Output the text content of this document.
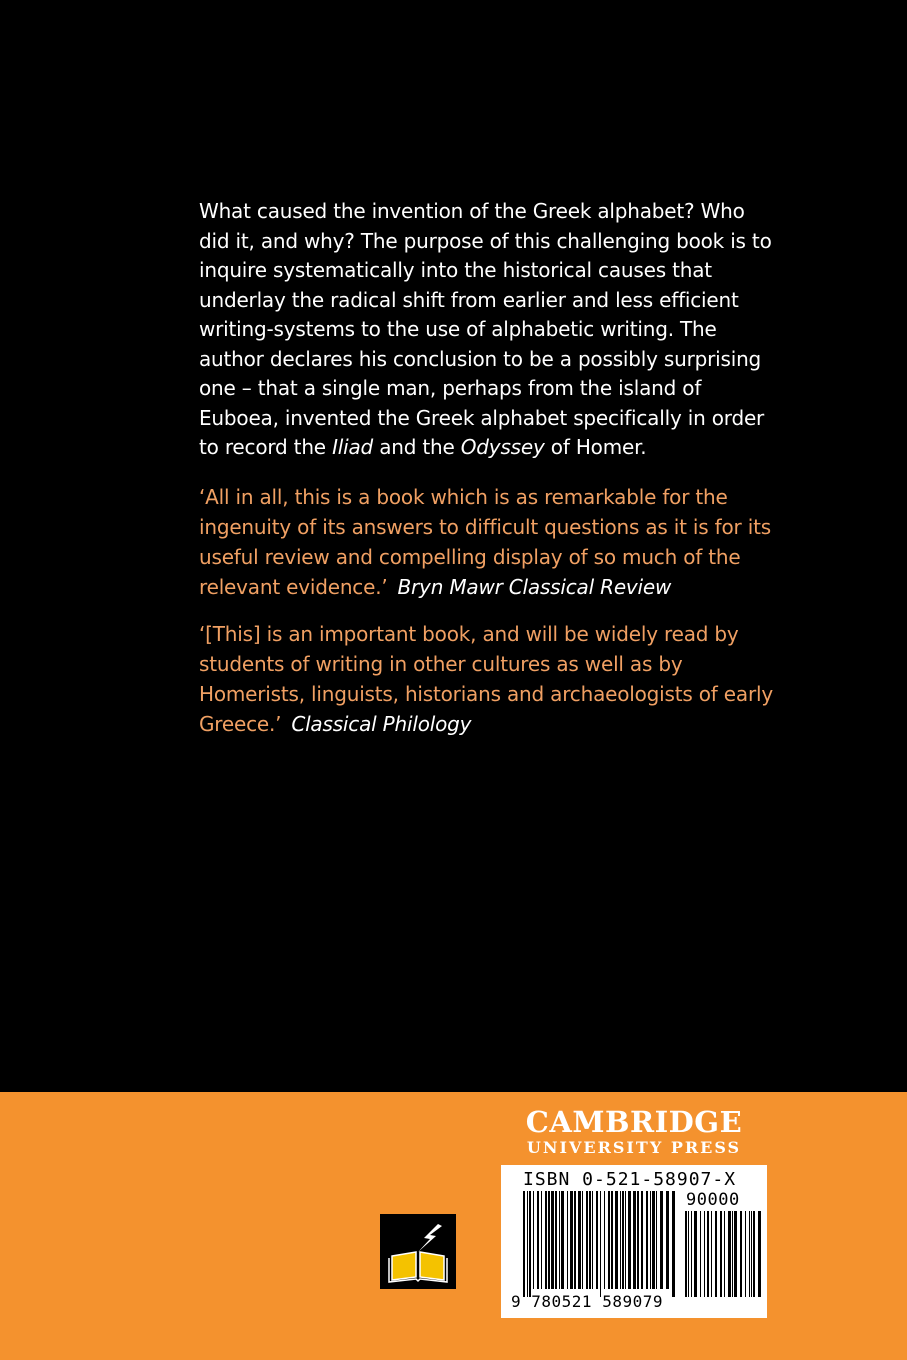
What caused the invention of the Greek alphabet? Who did it, and why? The purpose of this challenging book is to inquire systematically into the historical causes that underlay the radical shift from earlier and less efficient writing-systems to the use of alphabetic writing. The author declares his conclusion to be a possibly surprising one – that a single man, perhaps from the island of Euboea, invented the Greek alphabet specifically in order to record the Iliad and the Odyssey of Homer.

‘All in all, this is a book which is as remarkable for the ingenuity of its answers to difficult questions as it is for its useful review and compelling display of so much of the relevant evidence.’ Bryn Mawr Classical Review

‘[This] is an important book, and will be widely read by students of writing in other cultures as well as by Homerists, linguists, historians and archaeologists of early Greece.’ Classical Philology

CAMBRIDGE
UNIVERSITY PRESS
ISBN 0-521-58907-X
90000
9 780521 589079
